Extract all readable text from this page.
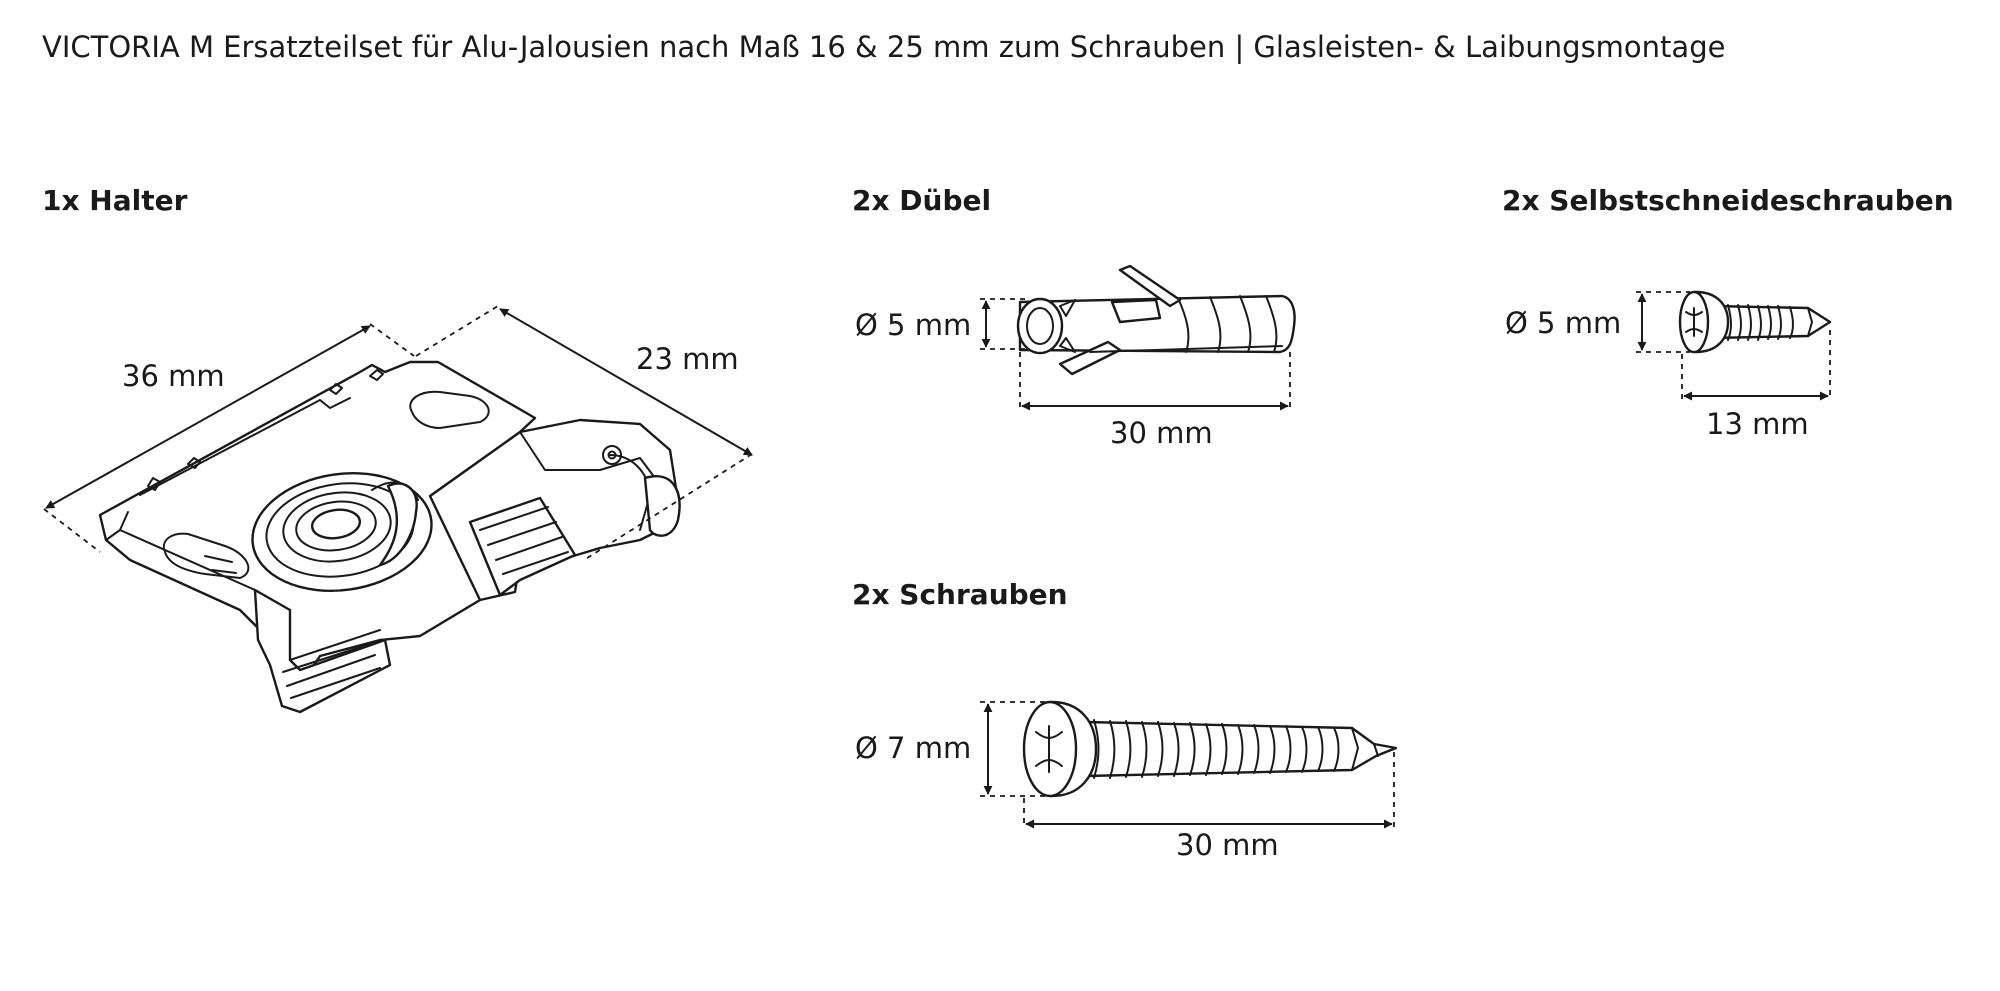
VICTORIA M Ersatzteilset für Alu-Jalousien nach Maß 16 & 25 mm zum Schrauben | Glasleisten- & Laibungsmontage
1x Halter	2x Dübel	2x Selbstschneideschrauben
2x Schrauben
36 mm	23 mm
Ø 5 mm
30 mm
Ø 5 mm
13 mm
Ø 7 mm
30 mm
